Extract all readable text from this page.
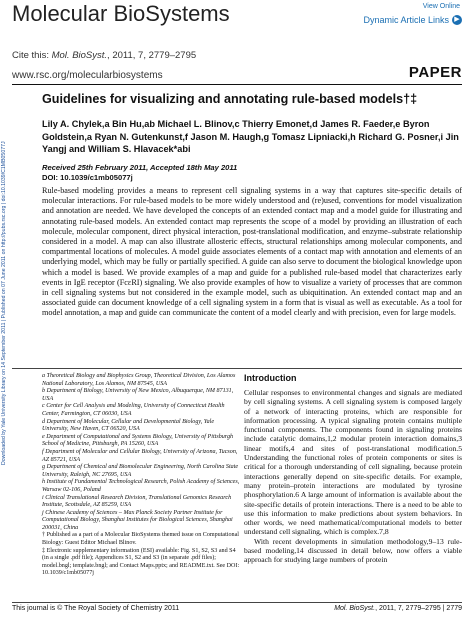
Molecular BioSystems	View Online
Dynamic Article Links ▶
Cite this: Mol. BioSyst., 2011, 7, 2779–2795
www.rsc.org/molecularbiosystems	PAPER
Downloaded by Yale University Library on 14 September 2011 | Published on 07 June 2011 on http://pubs.rsc.org | doi:10.1039/C1MB05077J
Guidelines for visualizing and annotating rule-based models†‡
Lily A. Chylek,a Bin Hu,ab Michael L. Blinov,c Thierry Emonet,d James R. Faeder,e Byron Goldstein,a Ryan N. Gutenkunst,f Jason M. Haugh,g Tomasz Lipniacki,h Richard G. Posner,i Jin Yangj and William S. Hlavacek*abi
Received 25th February 2011, Accepted 18th May 2011
DOI: 10.1039/c1mb05077j
Rule-based modeling provides a means to represent cell signaling systems in a way that captures site-specific details of molecular interactions. For rule-based models to be more widely understood and (re)used, conventions for model visualization and annotation are needed. We have developed the concepts of an extended contact map and a model guide for illustrating and annotating rule-based models. An extended contact map represents the scope of a model by providing an illustration of each molecule, molecular component, direct physical interaction, post-translational modification, and enzyme–substrate relationship considered in a model. A map can also illustrate allosteric effects, structural relationships among molecular components, and compartmental locations of molecules. A model guide associates elements of a contact map with annotation and elements of an underlying model, which may be fully or partially specified. A guide can also serve to document the biological knowledge upon which a model is based. We provide examples of a map and guide for a published rule-based model that characterizes early events in IgE receptor (FcεRI) signaling. We also provide examples of how to visualize a variety of processes that are common in cell signaling systems but not considered in the example model, such as ubiquitination. An extended contact map and an associated guide can document knowledge of a cell signaling system in a form that is visual as well as executable. As a tool for model annotation, a map and guide can communicate the content of a model clearly and with precision, even for large models.

a Theoretical Biology and Biophysics Group, Theoretical Division, Los Alamos National Laboratory, Los Alamos, NM 87545, USA

b Department of Biology, University of New Mexico, Albuquerque, NM 87131, USA

c Center for Cell Analysis and Modeling, University of Connecticut Health Center, Farmington, CT 06030, USA

d Department of Molecular, Cellular and Developmental Biology, Yale University, New Haven, CT 06520, USA

e Department of Computational and Systems Biology, University of Pittsburgh School of Medicine, Pittsburgh, PA 15260, USA

f Department of Molecular and Cellular Biology, University of Arizona, Tucson, AZ 85721, USA

g Department of Chemical and Biomolecular Engineering, North Carolina State University, Raleigh, NC 27695, USA

h Institute of Fundamental Technological Research, Polish Academy of Sciences, Warsaw 02-106, Poland

i Clinical Translational Research Division, Translational Genomics Research Institute, Scottsdale, AZ 85259, USA

j Chinese Academy of Sciences – Max Planck Society Partner Institute for Computational Biology, Shanghai Institutes for Biological Sciences, Shanghai 200031, China

† Published as a part of a Molecular BioSystems themed issue on Computational Biology: Guest Editor Michael Blinov.

‡ Electronic supplementary information (ESI) available: Fig. S1, S2, S3 and S4 (in a single .pdf file); Appendices S1, S2 and S3 (in separate .pdf files); model.bngl; template.bngl; and Contact Maps.pptx; and README.txt. See DOI: 10.1039/c1mb05077j

Introduction

Cellular responses to environmental changes and signals are mediated by cell signaling systems. A cell signaling system is composed largely of a network of interacting proteins, which are responsible for information processing. A typical signaling protein contains multiple functional components. The components found in signaling proteins include catalytic domains,1,2 modular protein interaction domains,3 linear motifs,4 and sites of post-translational modification.5 Understanding the functional roles of protein components or sites is critical for a thorough understanding of cell signaling, because protein interactions generally depend on site-specific details. For example, many protein–protein interactions are modulated by tyrosine phosphorylation.6 A large amount of information is available about the site-specific details of protein interactions. There is a need to be able to use this information to make predictions about system behaviors. In other words, we need mathematical/computational models to better understand cell signaling, which is complex.7,8

With recent developments in simulation methodology,9–13 rule-based modeling,14 discussed in detail below, now offers a viable approach for studying large numbers of protein

This journal is © The Royal Society of Chemistry 2011	Mol. BioSyst., 2011, 7, 2779–2795 | 2779
